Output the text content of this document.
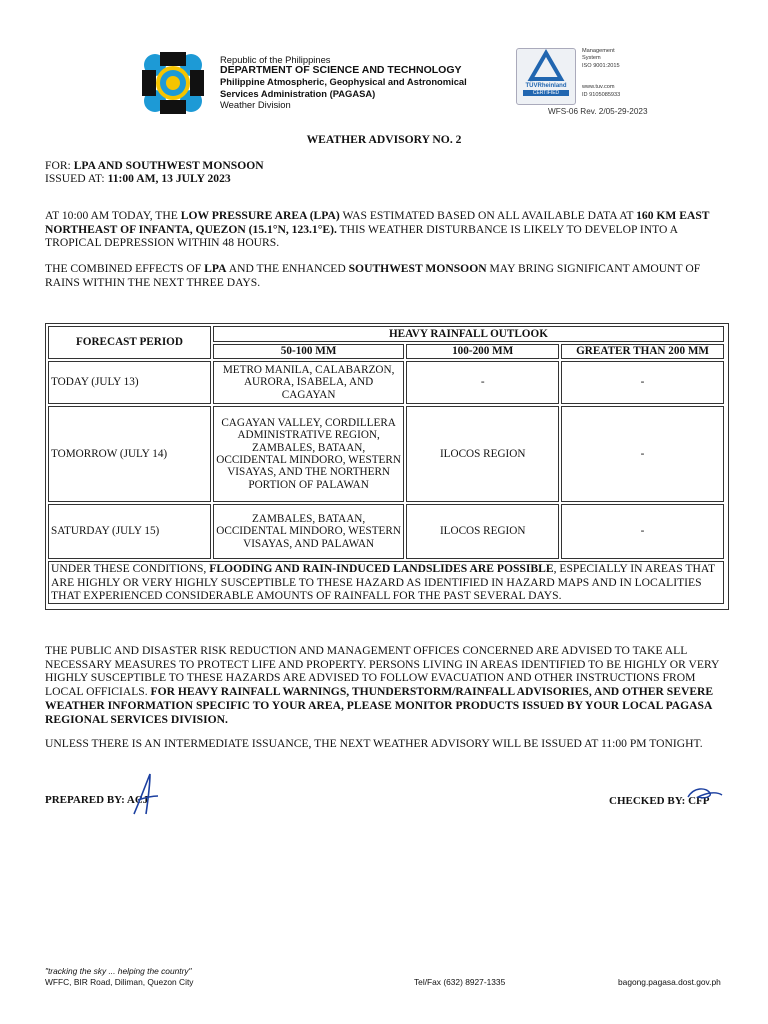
Republic of the Philippines
DEPARTMENT OF SCIENCE AND TECHNOLOGY
Philippine Atmospheric, Geophysical and Astronomical
Services Administration (PAGASA)
Weather Division
TÜVRheinland
CERTIFIED
Management
System
ISO 9001:2015
www.tuv.com
ID 9105085933
WFS-06 Rev. 2/05-29-2023
WEATHER ADVISORY NO. 2
FOR: LPA AND SOUTHWEST MONSOON
ISSUED AT: 11:00 AM, 13 JULY 2023
AT 10:00 AM TODAY, THE LOW PRESSURE AREA (LPA) WAS ESTIMATED BASED ON ALL AVAILABLE DATA AT 160 KM EAST NORTHEAST OF INFANTA, QUEZON (15.1°N, 123.1°E). THIS WEATHER DISTURBANCE IS LIKELY TO DEVELOP INTO A TROPICAL DEPRESSION WITHIN 48 HOURS.
THE COMBINED EFFECTS OF LPA AND THE ENHANCED SOUTHWEST MONSOON MAY BRING SIGNIFICANT AMOUNT OF RAINS WITHIN THE NEXT THREE DAYS.
FORECAST PERIOD	HEAVY RAINFALL OUTLOOK		
	50-100 MM	100-200 MM	GREATER THAN 200 MM
TODAY (JULY 13)	METRO MANILA, CALABARZON, AURORA, ISABELA, AND CAGAYAN	-	-
TOMORROW (JULY 14)	CAGAYAN VALLEY, CORDILLERA ADMINISTRATIVE REGION, ZAMBALES, BATAAN, OCCIDENTAL MINDORO, WESTERN VISAYAS, AND THE NORTHERN PORTION OF PALAWAN	ILOCOS REGION	-
SATURDAY (JULY 15)	ZAMBALES, BATAAN, OCCIDENTAL MINDORO, WESTERN VISAYAS, AND PALAWAN	ILOCOS REGION	-
UNDER THESE CONDITIONS, FLOODING AND RAIN-INDUCED LANDSLIDES ARE POSSIBLE, ESPECIALLY IN AREAS THAT ARE HIGHLY OR VERY HIGHLY SUSCEPTIBLE TO THESE HAZARD AS IDENTIFIED IN HAZARD MAPS AND IN LOCALITIES THAT EXPERIENCED CONSIDERABLE AMOUNTS OF RAINFALL FOR THE PAST SEVERAL DAYS.			
THE PUBLIC AND DISASTER RISK REDUCTION AND MANAGEMENT OFFICES CONCERNED ARE ADVISED TO TAKE ALL NECESSARY MEASURES TO PROTECT LIFE AND PROPERTY. PERSONS LIVING IN AREAS IDENTIFIED TO BE HIGHLY OR VERY HIGHLY SUSCEPTIBLE TO THESE HAZARDS ARE ADVISED TO FOLLOW EVACUATION AND OTHER INSTRUCTIONS FROM LOCAL OFFICIALS. FOR HEAVY RAINFALL WARNINGS, THUNDERSTORM/RAINFALL ADVISORIES, AND OTHER SEVERE WEATHER INFORMATION SPECIFIC TO YOUR AREA, PLEASE MONITOR PRODUCTS ISSUED BY YOUR LOCAL PAGASA REGIONAL SERVICES DIVISION.
UNLESS THERE IS AN INTERMEDIATE ISSUANCE, THE NEXT WEATHER ADVISORY WILL BE ISSUED AT 11:00 PM TONIGHT.
PREPARED BY: ACJ	CHECKED BY: CFP
"tracking the sky ... helping the country"
WFFC, BIR Road, Diliman, Quezon City	Tel/Fax (632) 8927-1335	bagong.pagasa.dost.gov.ph
